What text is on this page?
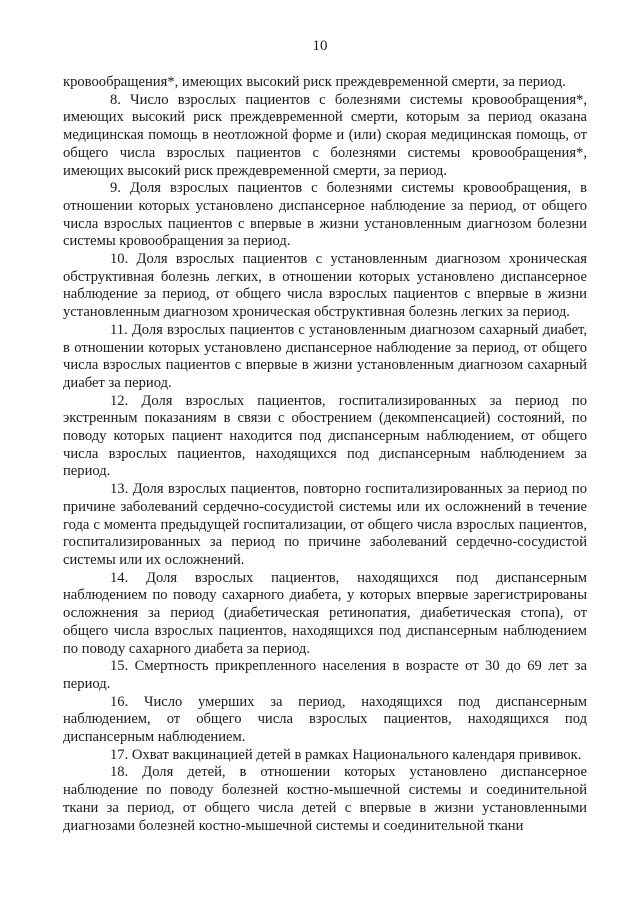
10

кровообращения*, имеющих высокий риск преждевременной смерти, за период.

8. Число взрослых пациентов с болезнями системы кровообращения*, имеющих высокий риск преждевременной смерти, которым за период оказана медицинская помощь в неотложной форме и (или) скорая медицинская помощь, от общего числа взрослых пациентов с болезнями системы кровообращения*, имеющих высокий риск преждевременной смерти, за период.

9. Доля взрослых пациентов с болезнями системы кровообращения, в отношении которых установлено диспансерное наблюдение за период, от общего числа взрослых пациентов с впервые в жизни установленным диагнозом болезни системы кровообращения за период.

10. Доля взрослых пациентов с установленным диагнозом хроническая обструктивная болезнь легких, в отношении которых установлено диспансерное наблюдение за период, от общего числа взрослых пациентов с впервые в жизни установленным диагнозом хроническая обструктивная болезнь легких за период.

11. Доля взрослых пациентов с установленным диагнозом сахарный диабет, в отношении которых установлено диспансерное наблюдение за период, от общего числа взрослых пациентов с впервые в жизни установленным диагнозом сахарный диабет за период.

12. Доля взрослых пациентов, госпитализированных за период по экстренным показаниям в связи с обострением (декомпенсацией) состояний, по поводу которых пациент находится под диспансерным наблюдением, от общего числа взрослых пациентов, находящихся под диспансерным наблюдением за период.

13. Доля взрослых пациентов, повторно госпитализированных за период по причине заболеваний сердечно-сосудистой системы или их осложнений в течение года с момента предыдущей госпитализации, от общего числа взрослых пациентов, госпитализированных за период по причине заболеваний сердечно-сосудистой системы или их осложнений.

14. Доля взрослых пациентов, находящихся под диспансерным наблюдением по поводу сахарного диабета, у которых впервые зарегистрированы осложнения за период (диабетическая ретинопатия, диабетическая стопа), от общего числа взрослых пациентов, находящихся под диспансерным наблюдением по поводу сахарного диабета за период.

15. Смертность прикрепленного населения в возрасте от 30 до 69 лет за период.

16. Число умерших за период, находящихся под диспансерным наблюдением, от общего числа взрослых пациентов, находящихся под диспансерным наблюдением.

17. Охват вакцинацией детей в рамках Национального календаря прививок.

18. Доля детей, в отношении которых установлено диспансерное наблюдение по поводу болезней костно-мышечной системы и соединительной ткани за период, от общего числа детей с впервые в жизни установленными диагнозами болезней костно-мышечной системы и соединительной ткани
